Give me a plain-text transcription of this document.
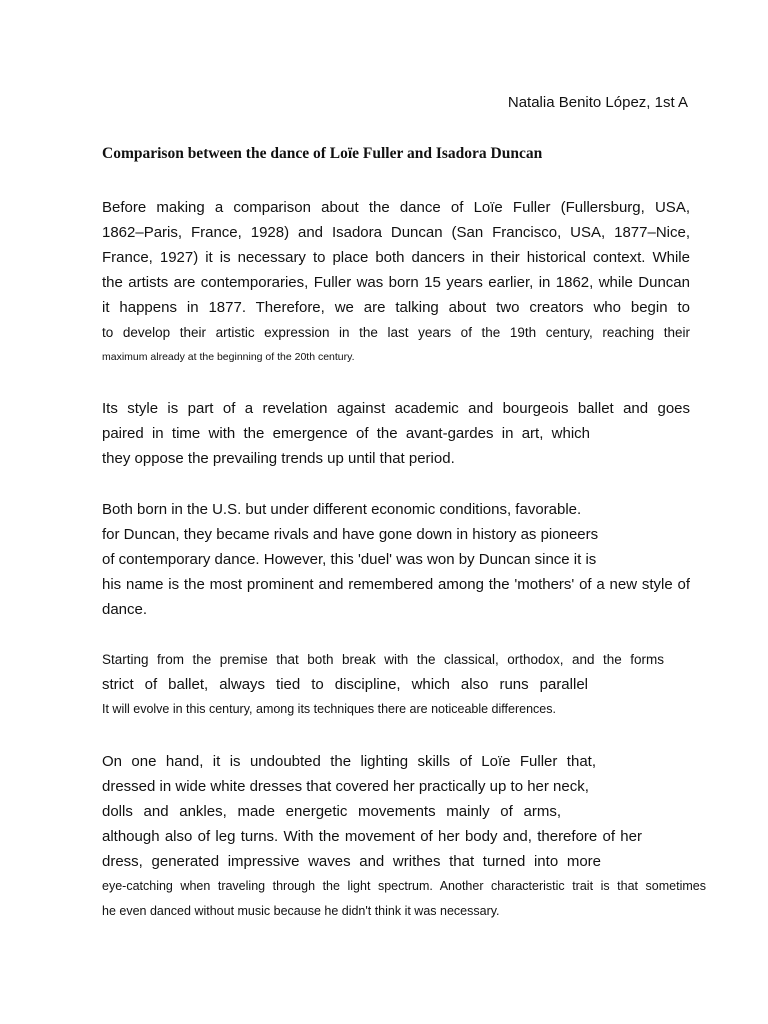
Natalia Benito López, 1st A
Comparison between the dance of Loïe Fuller and Isadora Duncan

Before making a comparison about the dance of Loïe Fuller (Fullersburg, USA,
1862–Paris, France, 1928) and Isadora Duncan (San Francisco, USA, 1877–Nice,
France, 1927) it is necessary to place both dancers in their historical context. While
the artists are contemporaries, Fuller was born 15 years earlier, in 1862, while Duncan
it happens in 1877. Therefore, we are talking about two creators who begin to
to develop their artistic expression in the last years of the 19th century, reaching their
maximum already at the beginning of the 20th century.

Its style is part of a revelation against academic and bourgeois ballet and goes
paired in time with the emergence of the avant-gardes in art, which
they oppose the prevailing trends up until that period.

Both born in the U.S. but under different economic conditions, favorable.
for Duncan, they became rivals and have gone down in history as pioneers
of contemporary dance. However, this 'duel' was won by Duncan since it is
his name is the most prominent and remembered among the 'mothers' of a new style of
dance.

Starting from the premise that both break with the classical, orthodox, and the forms
strict of ballet, always tied to discipline, which also runs parallel
It will evolve in this century, among its techniques there are noticeable differences.

On one hand, it is undoubted the lighting skills of Loïe Fuller that,
dressed in wide white dresses that covered her practically up to her neck,
dolls and ankles, made energetic movements mainly of arms,
although also of leg turns. With the movement of her body and, therefore of her
dress, generated impressive waves and writhes that turned into more
eye-catching when traveling through the light spectrum. Another characteristic trait is that sometimes
he even danced without music because he didn't think it was necessary.
